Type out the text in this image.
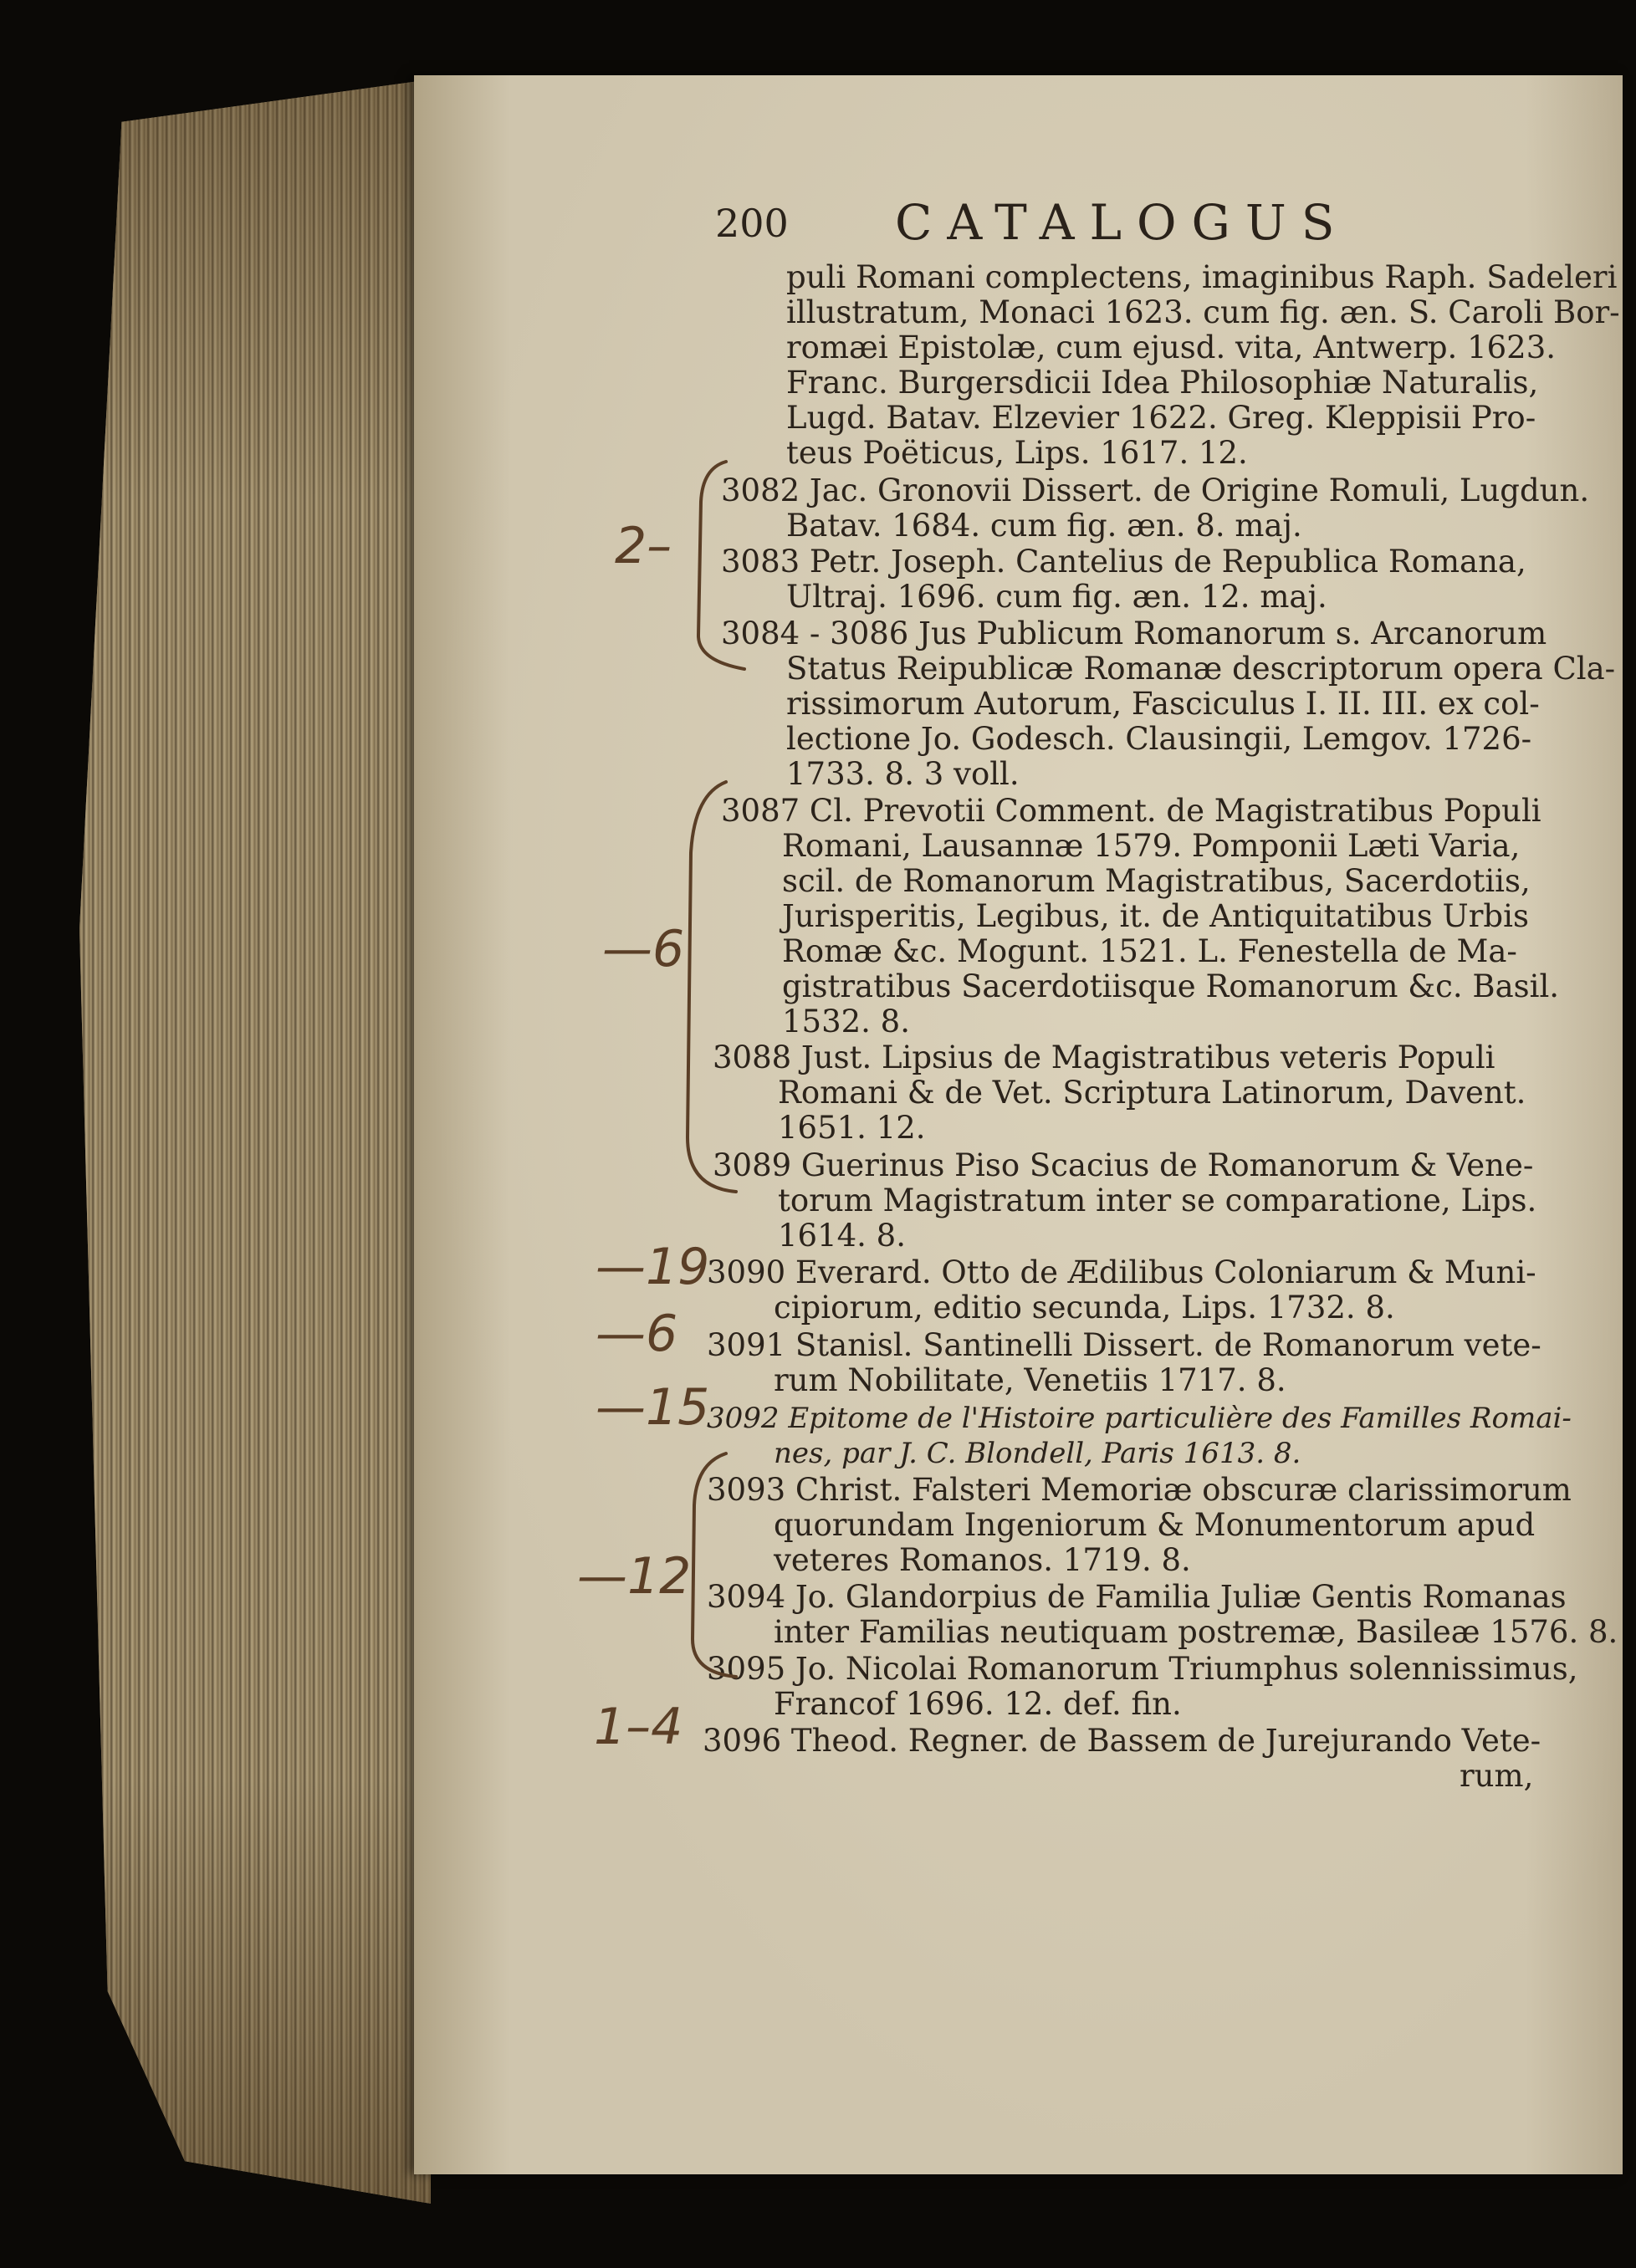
200 CATALOGUS
puli Romani complectens, imaginibus Raph. Sadeleri
illustratum, Monaci 1623. cum fig. æn. S. Caroli Bor-
romæi Epistolæ, cum ejusd. vita, Antwerp. 1623.
Franc. Burgersdicii Idea Philosophiæ Naturalis,
Lugd. Batav. Elzevier 1622. Greg. Kleppisii Pro-
teus Poëticus, Lips. 1617. 12.
3082 Jac. Gronovii Dissert. de Origine Romuli, Lugdun.
Batav. 1684. cum fig. æn. 8. maj.
3083 Petr. Joseph. Cantelius de Republica Romana,
Ultraj. 1696. cum fig. æn. 12. maj.
3084 - 3086 Jus Publicum Romanorum s. Arcanorum
Status Reipublicæ Romanæ descriptorum opera Cla-
rissimorum Autorum, Fasciculus I. II. III. ex col-
lectione Jo. Godesch. Clausingii, Lemgov. 1726-
1733. 8. 3 voll.
3087 Cl. Prevotii Comment. de Magistratibus Populi
Romani, Lausannæ 1579. Pomponii Læti Varia,
scil. de Romanorum Magistratibus, Sacerdotiis,
Jurisperitis, Legibus, it. de Antiquitatibus Urbis
Romæ &c. Mogunt. 1521. L. Fenestella de Ma-
gistratibus Sacerdotiisque Romanorum &c. Basil.
1532. 8.
3088 Just. Lipsius de Magistratibus veteris Populi
Romani & de Vet. Scriptura Latinorum, Davent.
1651. 12.
3089 Guerinus Piso Scacius de Romanorum & Vene-
torum Magistratum inter se comparatione, Lips.
1614. 8.
3090 Everard. Otto de Ædilibus Coloniarum & Muni-
cipiorum, editio secunda, Lips. 1732. 8.
3091 Stanisl. Santinelli Dissert. de Romanorum vete-
rum Nobilitate, Venetiis 1717. 8.
3092 Epitome de l'Histoire particulière des Familles Romai-
nes, par J. C. Blondell, Paris 1613. 8.
3093 Christ. Falsteri Memoriæ obscuræ clarissimorum
quorundam Ingeniorum & Monumentorum apud
veteres Romanos. 1719. 8.
3094 Jo. Glandorpius de Familia Juliæ Gentis Romanas
inter Familias neutiquam postremæ, Basileæ 1576. 8.
3095 Jo. Nicolai Romanorum Triumphus solennissimus,
Francof 1696. 12. def. fin.
3096 Theod. Regner. de Bassem de Jurejurando Vete-
rum,
2–
—6
—19
—6
—15
—12
1–4
